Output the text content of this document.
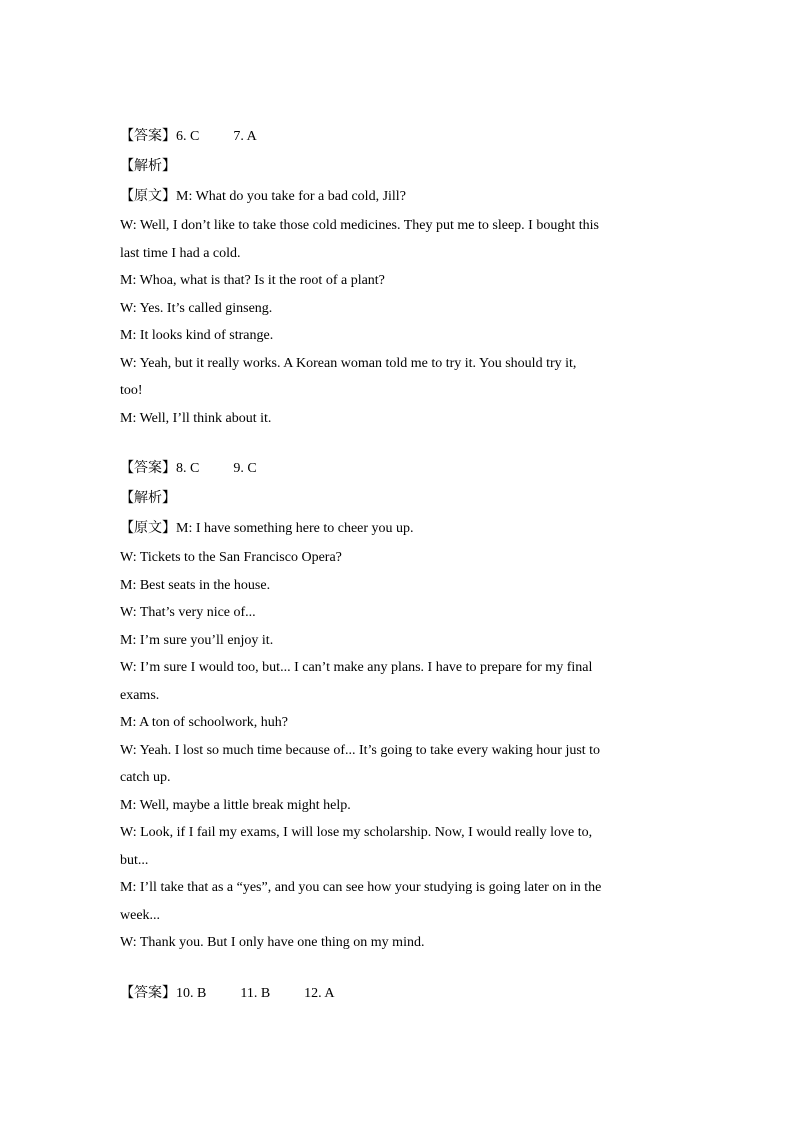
【答案】6. C 7. A

【解析】

【原文】M: What do you take for a bad cold, Jill?

W: Well, I don’t like to take those cold medicines. They put me to sleep. I bought this

last time I had a cold.

M: Whoa, what is that? Is it the root of a plant?

W: Yes. It’s called ginseng.

M: It looks kind of strange.

W: Yeah, but it really works. A Korean woman told me to try it. You should try it,

too!

M: Well, I’ll think about it.

【答案】8. C 9. C

【解析】

【原文】M: I have something here to cheer you up.

W: Tickets to the San Francisco Opera?

M: Best seats in the house.

W: That’s very nice of...

M: I’m sure you’ll enjoy it.

W: I’m sure I would too, but... I can’t make any plans. I have to prepare for my final

exams.

M: A ton of schoolwork, huh?

W: Yeah. I lost so much time because of... It’s going to take every waking hour just to

catch up.

M: Well, maybe a little break might help.

W: Look, if I fail my exams, I will lose my scholarship. Now, I would really love to,

but...

M: I’ll take that as a “yes”, and you can see how your studying is going later on in the

week...

W: Thank you. But I only have one thing on my mind.

【答案】10. B 11. B 12. A
